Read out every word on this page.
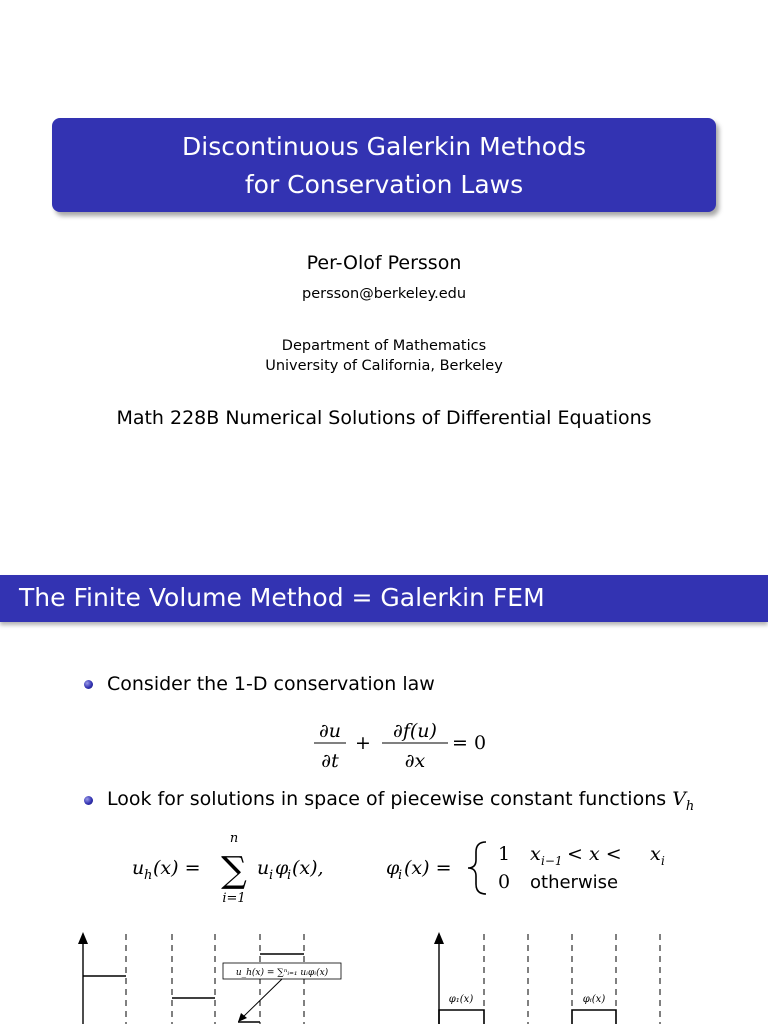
Discontinuous Galerkin Methods
for Conservation Laws
Per-Olof Persson
persson@berkeley.edu
Department of Mathematics
University of California, Berkeley
Math 228B Numerical Solutions of Differential Equations
The Finite Volume Method = Galerkin FEM
Consider the 1-D conservation law
∂u
∂t
+
∂f(u)
∂x
= 0
Look for solutions in space of piecewise constant functions $V_h$
u h (x) =
n
∑
i=1
u i φ
i (x),	φ
i (x) =
1 x i−1
< x < x i
0 otherwise
u_h(x) = ∑ⁿᵢ₌₁ uᵢφᵢ(x)
φ₁(x)	φᵢ(x)
